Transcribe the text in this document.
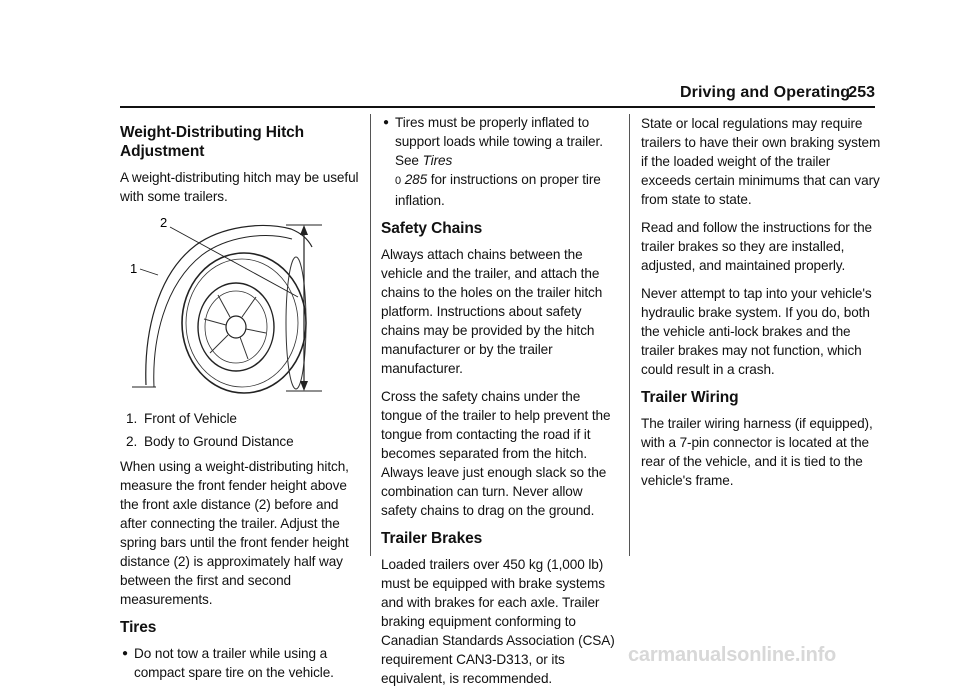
Driving and Operating
253
Weight-Distributing Hitch Adjustment

A weight-distributing hitch may be useful with some trailers.

2
1
1. Front of Vehicle
2. Body to Ground Distance

When using a weight-distributing hitch, measure the front fender height above the front axle distance (2) before and after connecting the trailer. Adjust the spring bars until the front fender height distance (2) is approximately half way between the first and second measurements.

Tires
● Do not tow a trailer while using a compact spare tire on the vehicle.
● Tires must be properly inflated to support loads while towing a trailer. See Tires
0 285 for instructions on proper tire inflation.
Safety Chains

Always attach chains between the vehicle and the trailer, and attach the chains to the holes on the trailer hitch platform. Instructions about safety chains may be provided by the hitch manufacturer or by the trailer manufacturer.

Cross the safety chains under the tongue of the trailer to help prevent the tongue from contacting the road if it becomes separated from the hitch. Always leave just enough slack so the combination can turn. Never allow safety chains to drag on the ground.

Trailer Brakes

Loaded trailers over 450 kg (1,000 lb) must be equipped with brake systems and with brakes for each axle. Trailer braking equipment conforming to Canadian Standards Association (CSA) requirement CAN3-D313, or its equivalent, is recommended.

State or local regulations may require trailers to have their own braking system if the loaded weight of the trailer exceeds certain minimums that can vary from state to state.

Read and follow the instructions for the trailer brakes so they are installed, adjusted, and maintained properly.

Never attempt to tap into your vehicle's hydraulic brake system. If you do, both the vehicle anti-lock brakes and the trailer brakes may not function, which could result in a crash.

Trailer Wiring

The trailer wiring harness (if equipped), with a 7-pin connector is located at the rear of the vehicle, and it is tied to the vehicle's frame.

carmanualsonline.info
